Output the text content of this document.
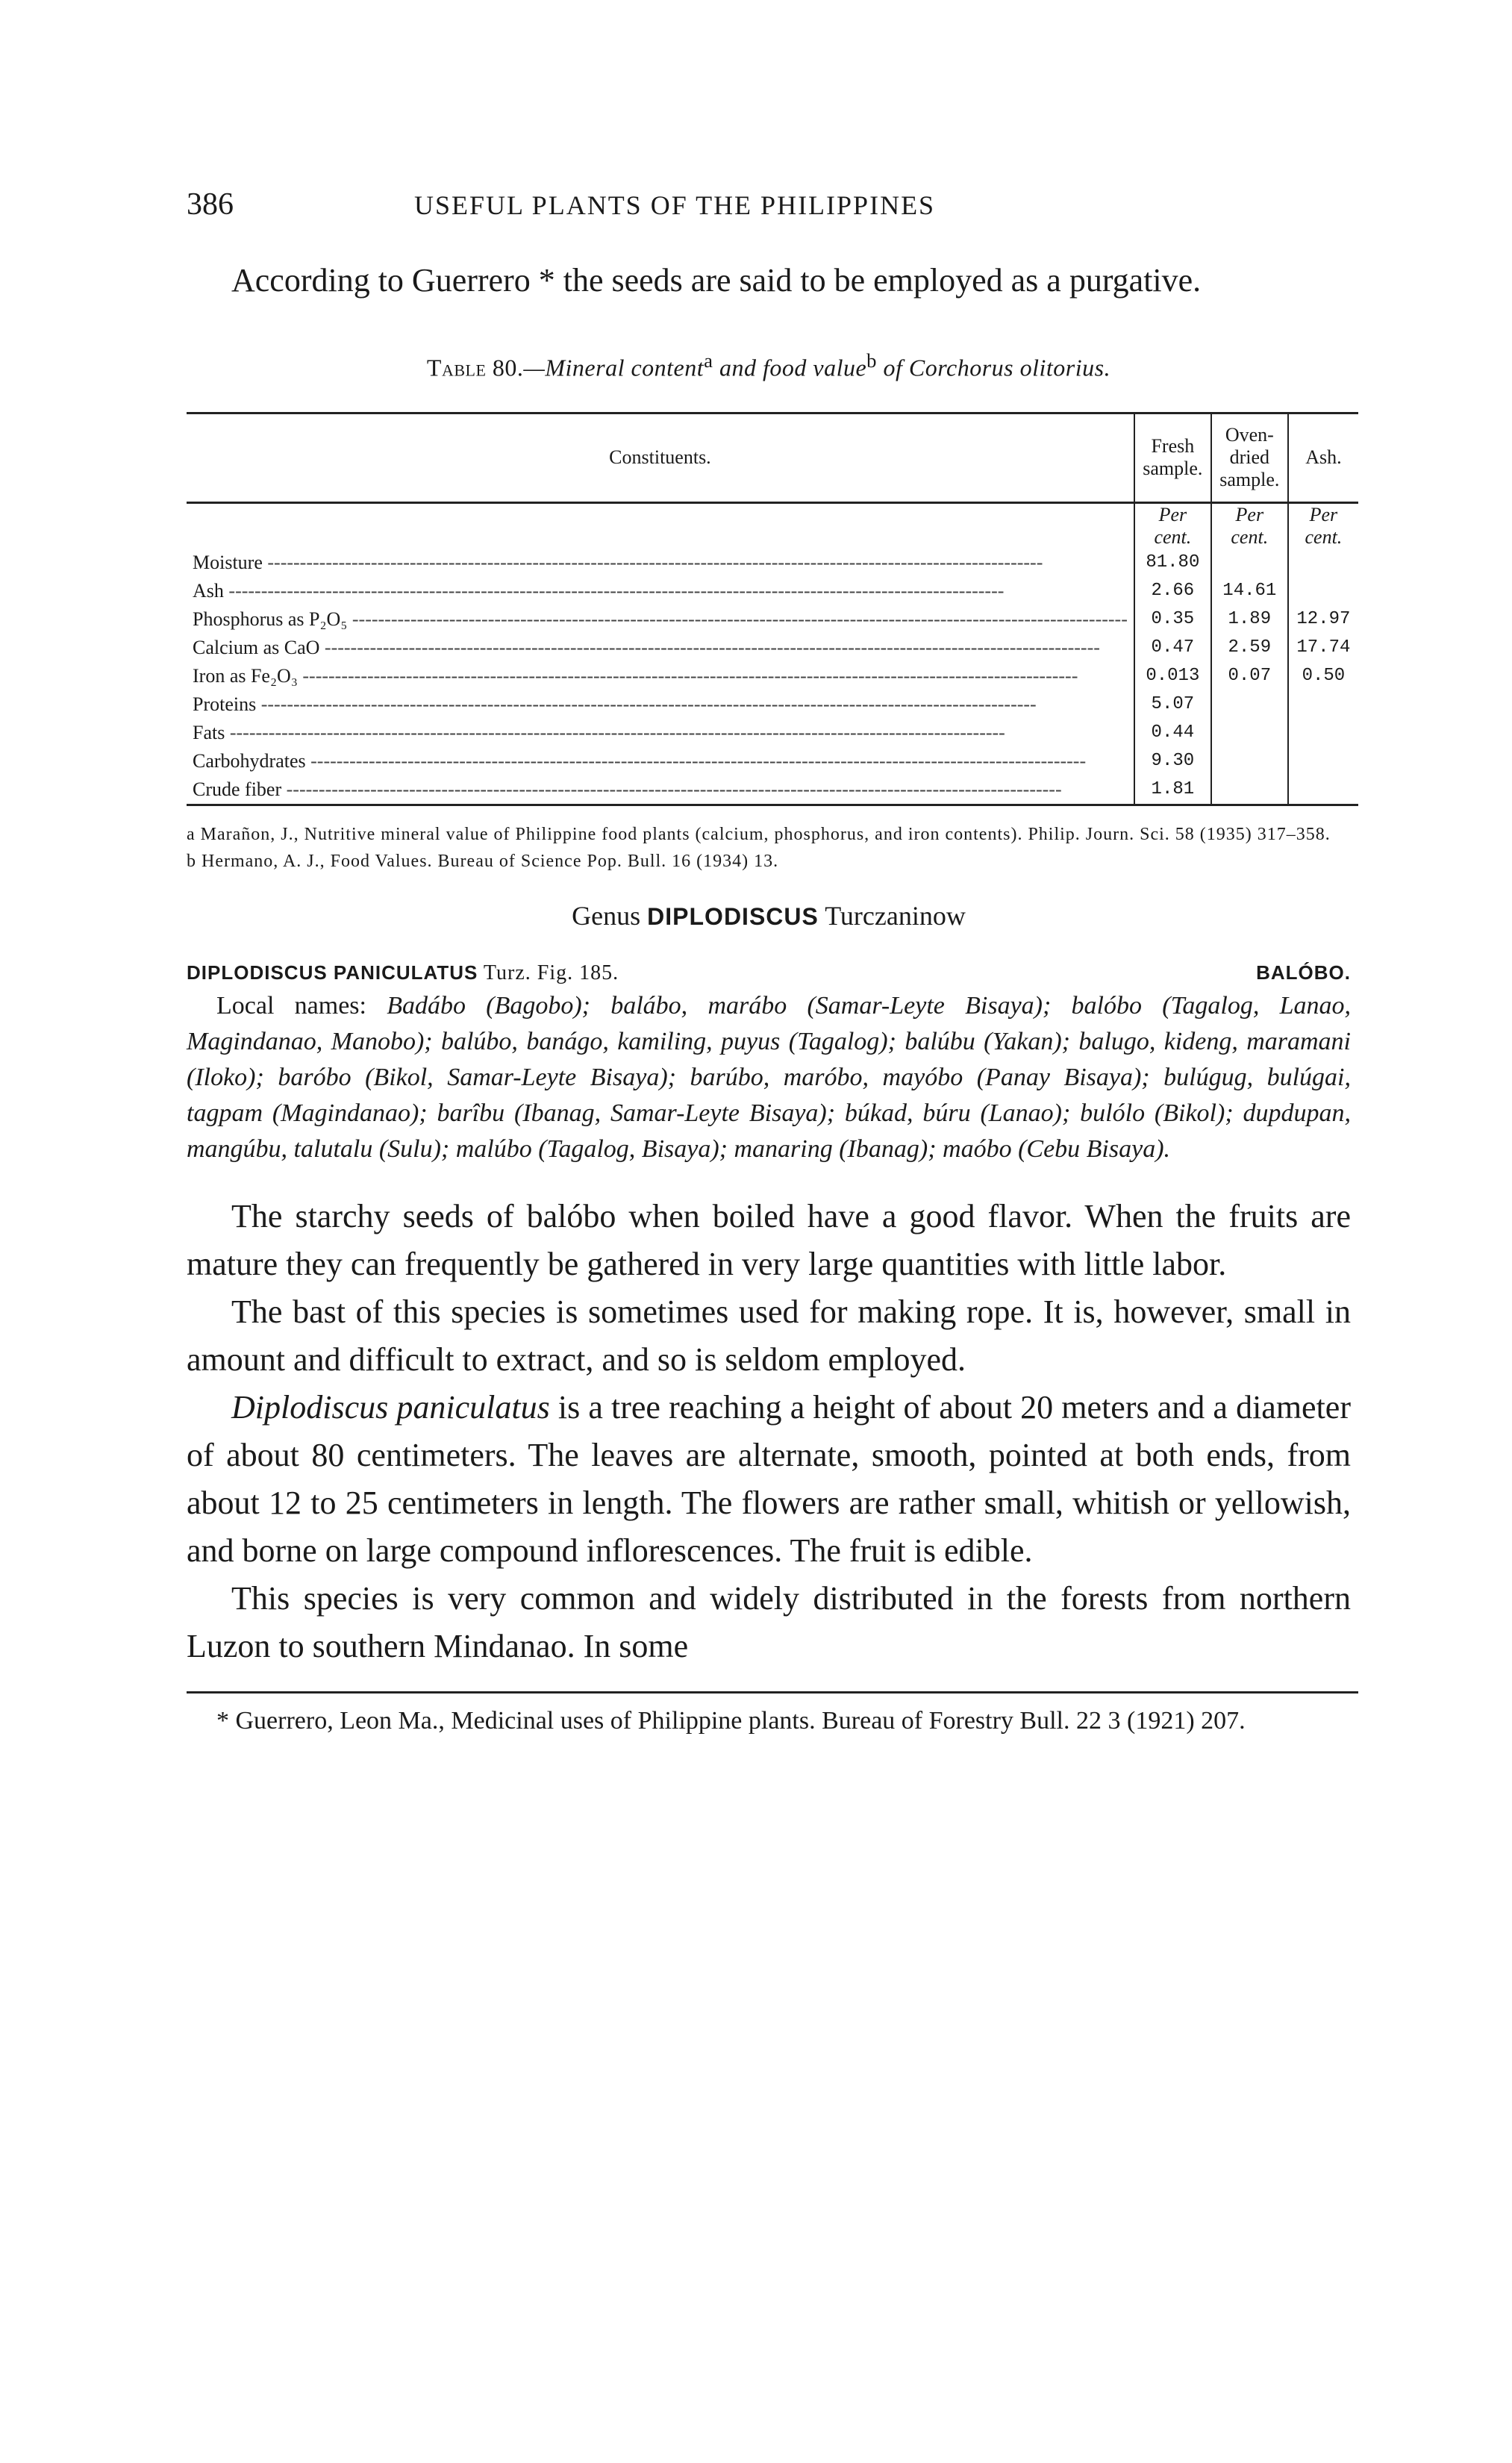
386	USEFUL PLANTS OF THE PHILIPPINES

According to Guerrero * the seeds are said to be employed as a purgative.

Table 80.—Mineral content$^a$ and food value$^b$ of Corchorus olitorius.
Constituents.	Fresh sample.	Oven-dried sample.	Ash.
	Per cent.	Per cent.	Per cent.
Moisture ------------------------------------------------------------------------------------------------------------------------	81.80		
Ash ------------------------------------------------------------------------------------------------------------------------	2.66	14.61	
Phosphorus as P₂O₅ ------------------------------------------------------------------------------------------------------------------------	0.35	1.89	12.97
Calcium as CaO ------------------------------------------------------------------------------------------------------------------------	0.47	2.59	17.74
Iron as Fe₂O₃ ------------------------------------------------------------------------------------------------------------------------	0.013	0.07	0.50
Proteins ------------------------------------------------------------------------------------------------------------------------	5.07		
Fats ------------------------------------------------------------------------------------------------------------------------	0.44		
Carbohydrates ------------------------------------------------------------------------------------------------------------------------	9.30		
Crude fiber ------------------------------------------------------------------------------------------------------------------------	1.81		
a Marañon, J., Nutritive mineral value of Philippine food plants (calcium, phosphorus, and iron contents). Philip. Journ. Sci. 58 (1935) 317–358.
b Hermano, A. J., Food Values. Bureau of Science Pop. Bull. 16 (1934) 13.
Genus DIPLODISCUS Turczaninow
DIPLODISCUS PANICULATUS Turz. Fig. 185.	BALÓBO.

Local names: Badábo (Bagobo); balábo, marábo (Samar-Leyte Bisaya); balóbo (Tagalog, Lanao, Magindanao, Manobo); balúbo, banágo, kamiling, puyus (Tagalog); balúbu (Yakan); balugo, kideng, maramani (Iloko); baróbo (Bikol, Samar-Leyte Bisaya); barúbo, maróbo, mayóbo (Panay Bisaya); bulúgug, bulúgai, tagpam (Magindanao); barîbu (Ibanag, Samar-Leyte Bisaya); búkad, búru (Lanao); bulólo (Bikol); dupdupan, mangúbu, talutalu (Sulu); malúbo (Tagalog, Bisaya); manaring (Ibanag); maóbo (Cebu Bisaya).

The starchy seeds of balóbo when boiled have a good flavor. When the fruits are mature they can frequently be gathered in very large quantities with little labor.

The bast of this species is sometimes used for making rope. It is, however, small in amount and difficult to extract, and so is seldom employed.

Diplodiscus paniculatus is a tree reaching a height of about 20 meters and a diameter of about 80 centimeters. The leaves are alternate, smooth, pointed at both ends, from about 12 to 25 centimeters in length. The flowers are rather small, whitish or yellowish, and borne on large compound inflorescences. The fruit is edible.

This species is very common and widely distributed in the forests from northern Luzon to southern Mindanao. In some

* Guerrero, Leon Ma., Medicinal uses of Philippine plants. Bureau of Forestry Bull. 22 3 (1921) 207.
